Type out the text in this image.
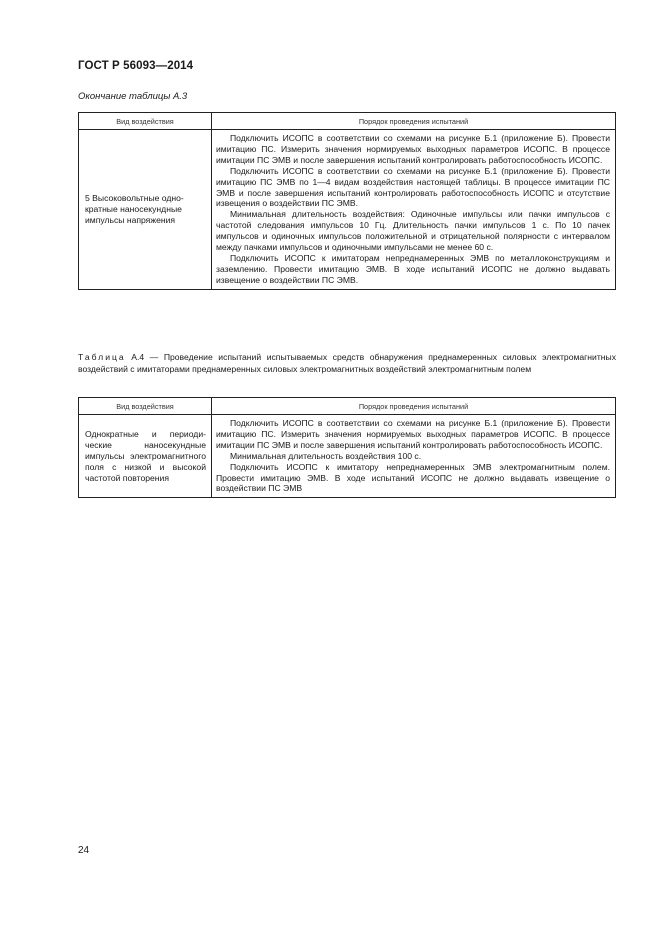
ГОСТ Р 56093—2014
Окончание таблицы А.3
Вид воздействия	Порядок проведения испытаний
5 Высоковольтные однократные наносекундные импульсы напряжения	Подключить ИСОПС в соответствии со схемами на рисунке Б.1 (приложение Б). Провести имитацию ПС. Измерить значения нормируемых выходных параметров ИСОПС. В процессе имитации ПС ЭМВ и после завершения испытаний контролировать работоспособность ИСОПС.

Подключить ИСОПС в соответствии со схемами на рисунке Б.1 (приложение Б). Провести имитацию ПС ЭМВ по 1—4 видам воздействия настоящей таблицы. В процессе имитации ПС ЭМВ и после завершения испытаний контролировать работоспособность ИСОПС и отсутствие извещения о воздействии ПС ЭМВ.

Минимальная длительность воздействия: Одиночные импульсы или пачки импульсов с частотой следования импульсов 10 Гц. Длительность пачки импульсов 1 с. По 10 пачек импульсов и одиночных импульсов положительной и отрицательной полярности с интервалом между пачками импульсов и одиночными импульсами не менее 60 с.

Подключить ИСОПС к имитаторам непреднамеренных ЭМВ по металлоконструкциям и заземлению. Провести имитацию ЭМВ. В ходе испытаний ИСОПС не должно выдавать извещение о воздействии ПС ЭМВ.

Таблица А.4 — Проведение испытаний испытываемых средств обнаружения преднамеренных силовых электромагнитных воздействий с имитаторами преднамеренных силовых электромагнитных воздействий электромагнитным полем
Вид воздействия	Порядок проведения испытаний
Однократные и периодические наносекундные импульсы электромагнитного поля с низкой и высокой частотой повторения	Подключить ИСОПС в соответствии со схемами на рисунке Б.1 (приложение Б). Провести имитацию ПС. Измерить значения нормируемых выходных параметров ИСОПС. В процессе имитации ПС ЭМВ и после завершения испытаний контролировать работоспособность ИСОПС.

Минимальная длительность воздействия 100 с.

Подключить ИСОПС к имитатору непреднамеренных ЭМВ электромагнитным полем. Провести имитацию ЭМВ. В ходе испытаний ИСОПС не должно выдавать извещение о воздействии ПС ЭМВ

24
